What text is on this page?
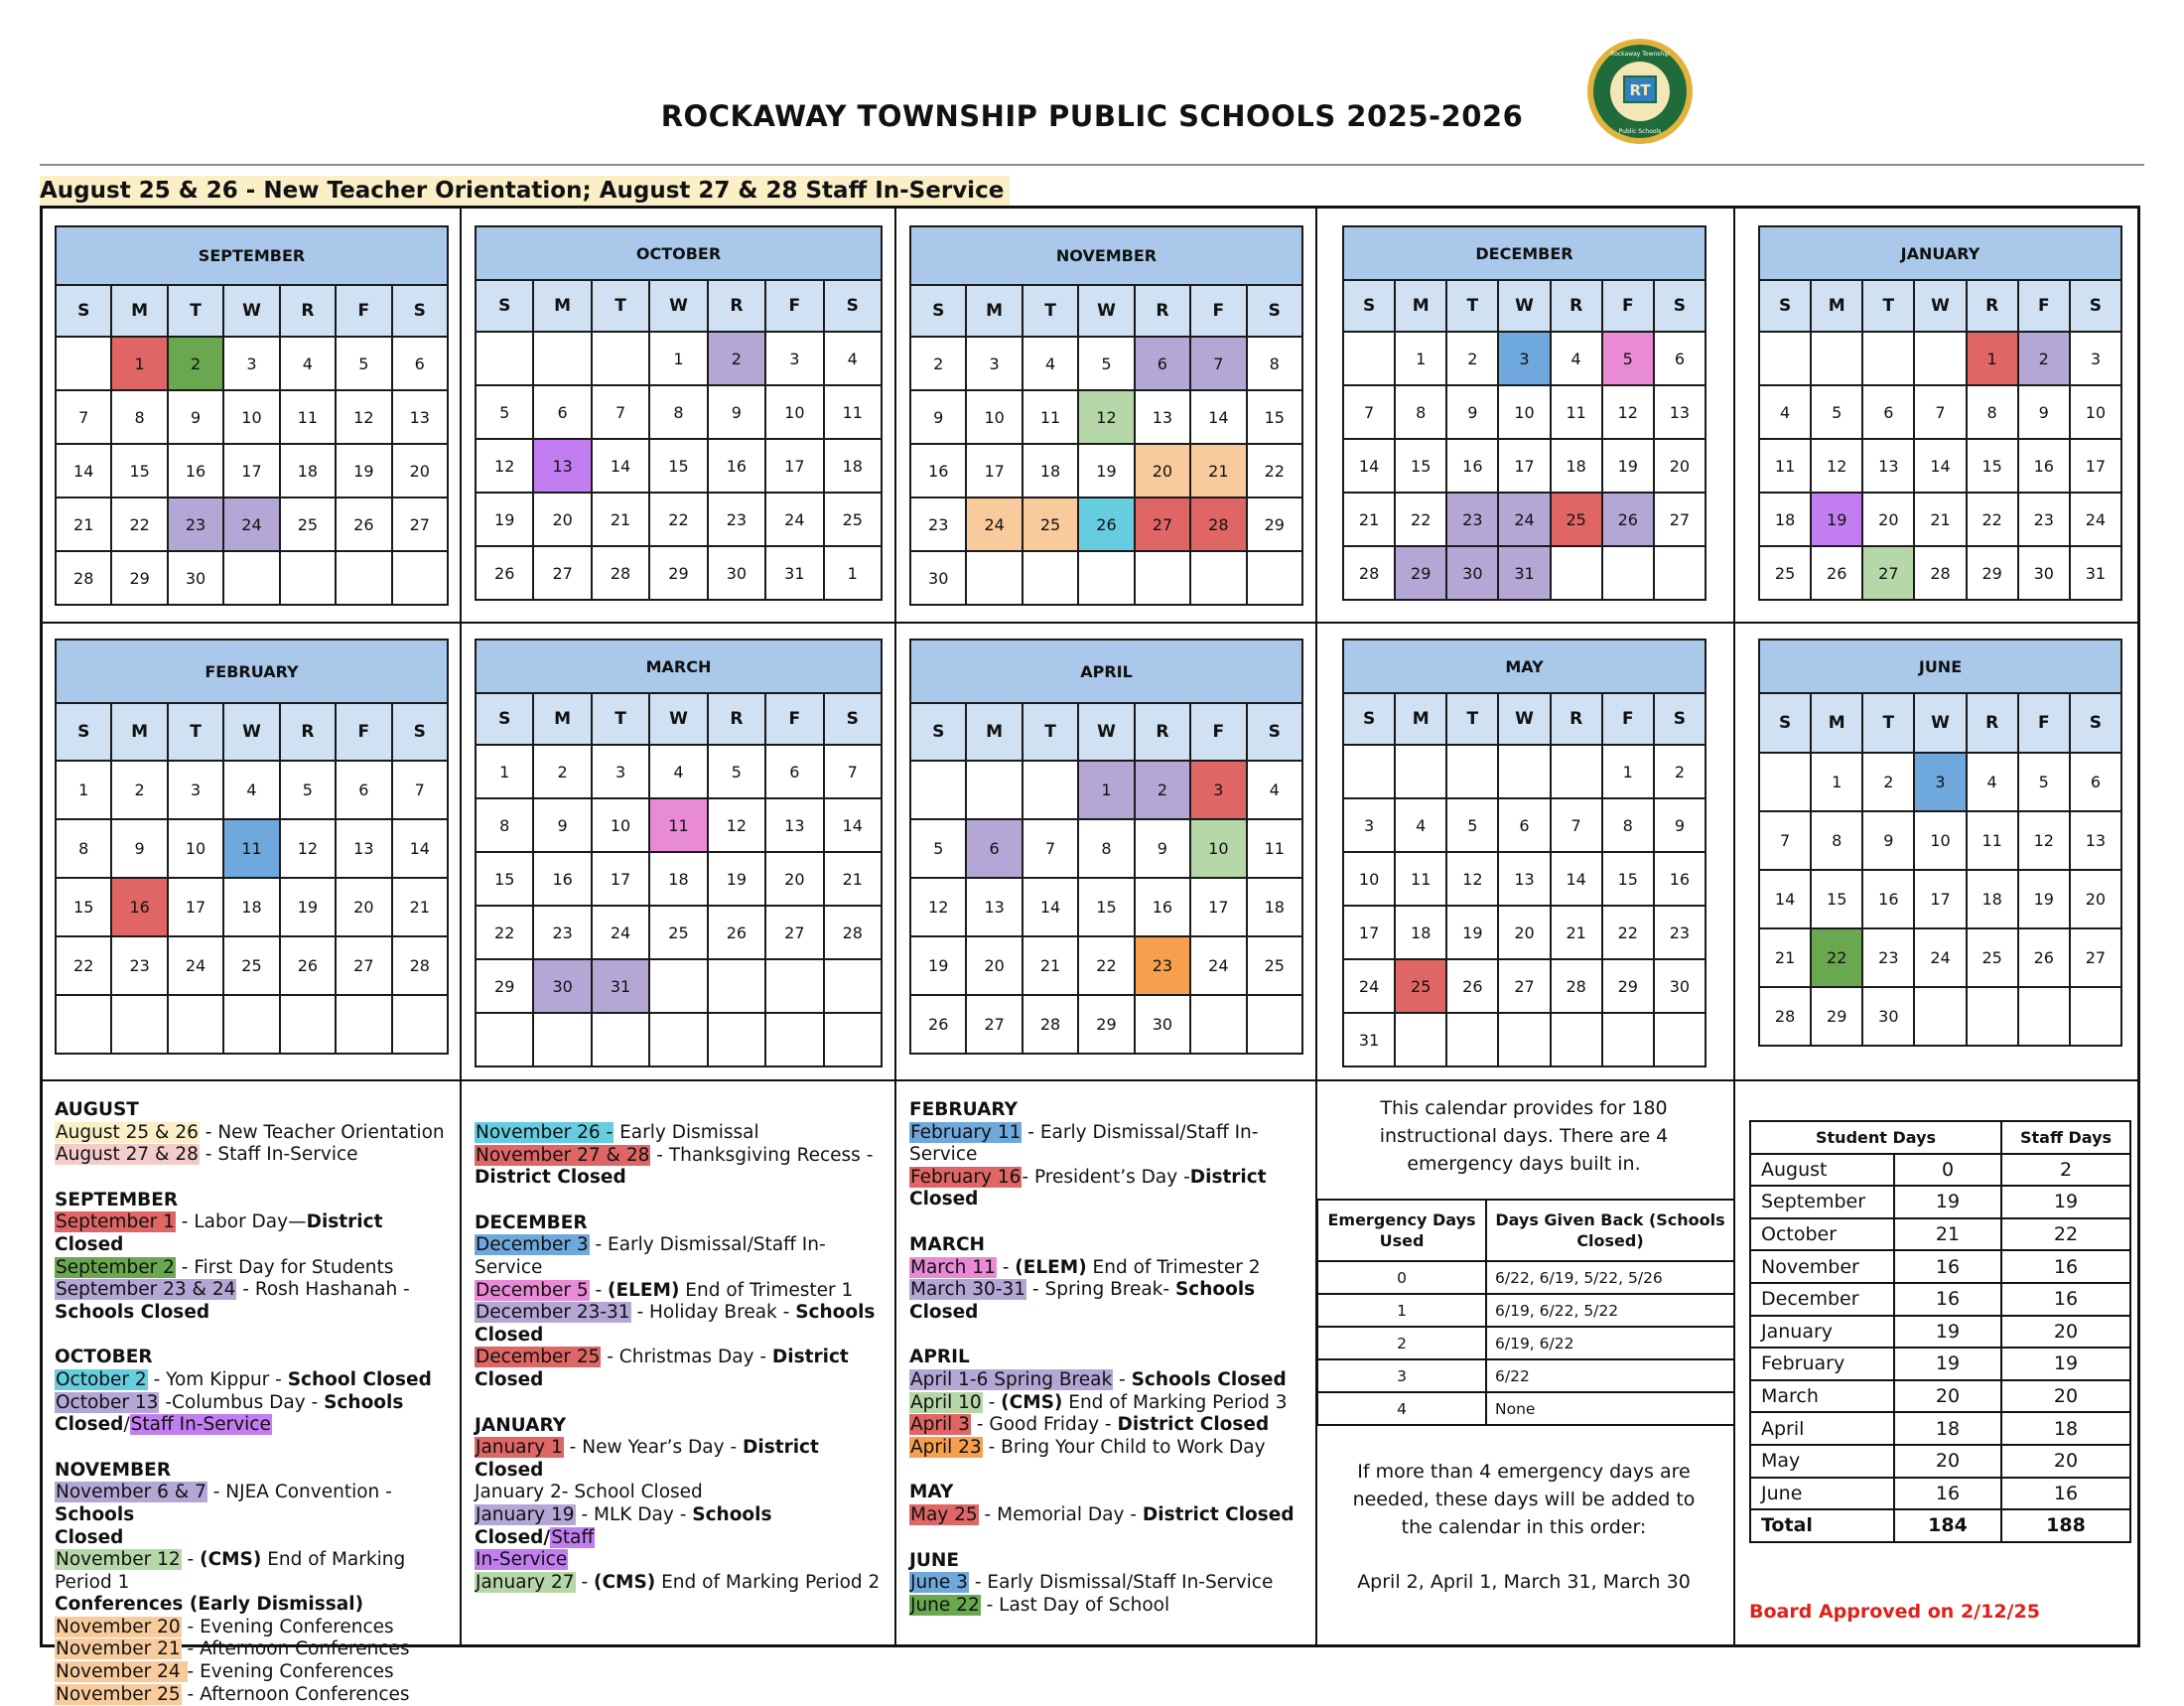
ROCKAWAY TOWNSHIP PUBLIC SCHOOLS 2025-2026
RT
Rockaway Township
Public Schools
August 25 & 26 - New Teacher Orientation; August 27 & 28 Staff In-Service
SEPTEMBER						
S	M	T	W	R	F	S
	1	2	3	4	5	6
7	8	9	10	11	12	13
14	15	16	17	18	19	20
21	22	23	24	25	26	27
28	29	30				
OCTOBER						
S	M	T	W	R	F	S
			1	2	3	4
5	6	7	8	9	10	11
12	13	14	15	16	17	18
19	20	21	22	23	24	25
26	27	28	29	30	31	1
NOVEMBER						
S	M	T	W	R	F	S
2	3	4	5	6	7	8
9	10	11	12	13	14	15
16	17	18	19	20	21	22
23	24	25	26	27	28	29
30						
DECEMBER						
S	M	T	W	R	F	S
	1	2	3	4	5	6
7	8	9	10	11	12	13
14	15	16	17	18	19	20
21	22	23	24	25	26	27
28	29	30	31			
JANUARY						
S	M	T	W	R	F	S
				1	2	3
4	5	6	7	8	9	10
11	12	13	14	15	16	17
18	19	20	21	22	23	24
25	26	27	28	29	30	31
FEBRUARY						
S	M	T	W	R	F	S
1	2	3	4	5	6	7
8	9	10	11	12	13	14
15	16	17	18	19	20	21
22	23	24	25	26	27	28

MARCH						
S	M	T	W	R	F	S
1	2	3	4	5	6	7
8	9	10	11	12	13	14
15	16	17	18	19	20	21
22	23	24	25	26	27	28
29	30	31				

APRIL						
S	M	T	W	R	F	S
			1	2	3	4
5	6	7	8	9	10	11
12	13	14	15	16	17	18
19	20	21	22	23	24	25
26	27	28	29	30		
MAY						
S	M	T	W	R	F	S
					1	2
3	4	5	6	7	8	9
10	11	12	13	14	15	16
17	18	19	20	21	22	23
24	25	26	27	28	29	30
31						
JUNE						
S	M	T	W	R	F	S
	1	2	3	4	5	6
7	8	9	10	11	12	13
14	15	16	17	18	19	20
21	22	23	24	25	26	27
28	29	30				
AUGUST
August 25 & 26 - New Teacher Orientation
August 27 & 28 - Staff In-Service
SEPTEMBER
September 1 - Labor Day—District Closed
September 2 - First Day for Students
September 23 & 24 - Rosh Hashanah -
Schools Closed
OCTOBER
October 2 - Yom Kippur - School Closed
October 13 -Columbus Day - Schools
Closed/Staff In-Service
NOVEMBER
November 6 & 7 - NJEA Convention - Schools
Closed
November 12 - (CMS) End of Marking Period 1
Conferences (Early Dismissal)
November 20 - Evening Conferences
November 21 - Afternoon Conferences
November 24 - Evening Conferences
November 25 - Afternoon Conferences
November 26 - Early Dismissal
November 27 & 28 - Thanksgiving Recess -
District Closed
DECEMBER
December 3 - Early Dismissal/Staff In-Service
December 5 - (ELEM) End of Trimester 1
December 23-31 - Holiday Break - Schools
Closed
December 25 - Christmas Day - District Closed
JANUARY
January 1 - New Year’s Day - District Closed
January 2- School Closed
January 19 - MLK Day - Schools Closed/Staff
In-Service
January 27 - (CMS) End of Marking Period 2
FEBRUARY
February 11 - Early Dismissal/Staff In-Service
February 16- President’s Day -District Closed
MARCH
March 11 - (ELEM) End of Trimester 2
March 30-31 - Spring Break- Schools Closed
APRIL
April 1-6 Spring Break - Schools Closed
April 10 - (CMS) End of Marking Period 3
April 3 - Good Friday - District Closed
April 23 - Bring Your Child to Work Day
MAY
May 25 - Memorial Day - District Closed
JUNE
June 3 - Early Dismissal/Staff In-Service
June 22 - Last Day of School
This calendar provides for 180 instructional days. There are 4 emergency days built in.
Emergency Days Used	Days Given Back (Schools Closed)
0	6/22, 6/19, 5/22, 5/26
1	6/19, 6/22, 5/22
2	6/19, 6/22
3	6/22
4	None
If more than 4 emergency days are needed, these days will be added to the calendar in this order:
April 2, April 1, March 31, March 30
Student Days		Staff Days
August	0	2
September	19	19
October	21	22
November	16	16
December	16	16
January	19	20
February	19	19
March	20	20
April	18	18
May	20	20
June	16	16
Total	184	188
Board Approved on 2/12/25
